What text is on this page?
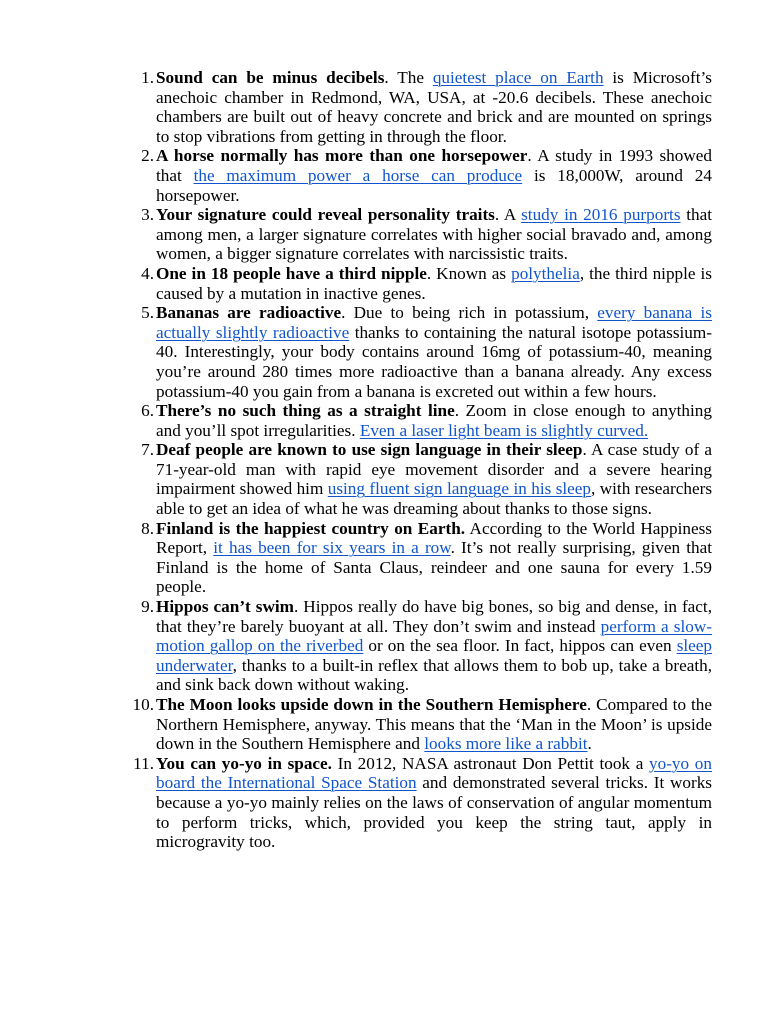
1. Sound can be minus decibels. The quietest place on Earth is Microsoft’s anechoic chamber in Redmond, WA, USA, at -20.6 decibels. These anechoic chambers are built out of heavy concrete and brick and are mounted on springs to stop vibrations from getting in through the floor.
2. A horse normally has more than one horsepower. A study in 1993 showed that the maximum power a horse can produce is 18,000W, around 24 horsepower.
3. Your signature could reveal personality traits. A study in 2016 purports that among men, a larger signature correlates with higher social bravado and, among women, a bigger signature correlates with narcissistic traits.
4. One in 18 people have a third nipple. Known as polythelia, the third nipple is caused by a mutation in inactive genes.
5. Bananas are radioactive. Due to being rich in potassium, every banana is actually slightly radioactive thanks to containing the natural isotope potassium-40. Interestingly, your body contains around 16mg of potassium-40, meaning you’re around 280 times more radioactive than a banana already. Any excess potassium-40 you gain from a banana is excreted out within a few hours.
6. There’s no such thing as a straight line. Zoom in close enough to anything and you’ll spot irregularities. Even a laser light beam is slightly curved.
7. Deaf people are known to use sign language in their sleep. A case study of a 71-year-old man with rapid eye movement disorder and a severe hearing impairment showed him using fluent sign language in his sleep, with researchers able to get an idea of what he was dreaming about thanks to those signs.
8. Finland is the happiest country on Earth. According to the World Happiness Report, it has been for six years in a row. It’s not really surprising, given that Finland is the home of Santa Claus, reindeer and one sauna for every 1.59 people.
9. Hippos can’t swim. Hippos really do have big bones, so big and dense, in fact, that they’re barely buoyant at all. They don’t swim and instead perform a slow-motion gallop on the riverbed or on the sea floor. In fact, hippos can even sleep underwater, thanks to a built-in reflex that allows them to bob up, take a breath, and sink back down without waking.
10. The Moon looks upside down in the Southern Hemisphere. Compared to the Northern Hemisphere, anyway. This means that the ‘Man in the Moon’ is upside down in the Southern Hemisphere and looks more like a rabbit.
11. You can yo-yo in space. In 2012, NASA astronaut Don Pettit took a yo-yo on board the International Space Station and demonstrated several tricks. It works because a yo-yo mainly relies on the laws of conservation of angular momentum to perform tricks, which, provided you keep the string taut, apply in microgravity too.
